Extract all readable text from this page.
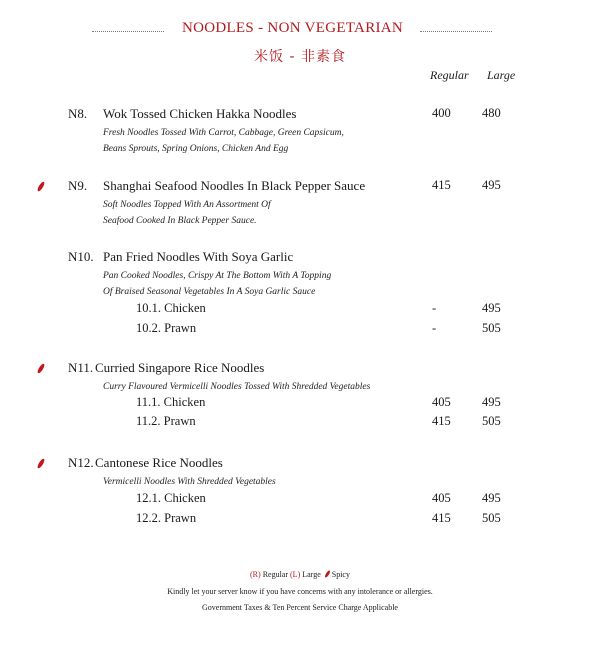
NOODLES - NON VEGETARIAN
米饭 - 非素食
Regular Large
N8. Wok Tossed Chicken Hakka Noodles	400	480
Fresh Noodles Tossed With Carrot, Cabbage, Green Capsicum,
Beans Sprouts, Spring Onions, Chicken And Egg
N9. Shanghai Seafood Noodles In Black Pepper Sauce	415	495
Soft Noodles Topped With An Assortment Of
Seafood Cooked In Black Pepper Sauce.
N10. Pan Fried Noodles With Soya Garlic
Pan Cooked Noodles, Crispy At The Bottom With A Topping
Of Braised Seasonal Vegetables In A Soya Garlic Sauce
10.1. Chicken	-	495
10.2. Prawn	-	505
N11. Curried Singapore Rice Noodles
Curry Flavoured Vermicelli Noodles Tossed With Shredded Vegetables
11.1. Chicken	405	495
11.2. Prawn	415	505
N12. Cantonese Rice Noodles
Vermicelli Noodles With Shredded Vegetables
12.1. Chicken	405	495
12.2. Prawn	415	505
(R) Regular (L) Large Spicy
Kindly let your server know if you have concerns with any intolerance or allergies.
Government Taxes & Ten Percent Service Charge Applicable
